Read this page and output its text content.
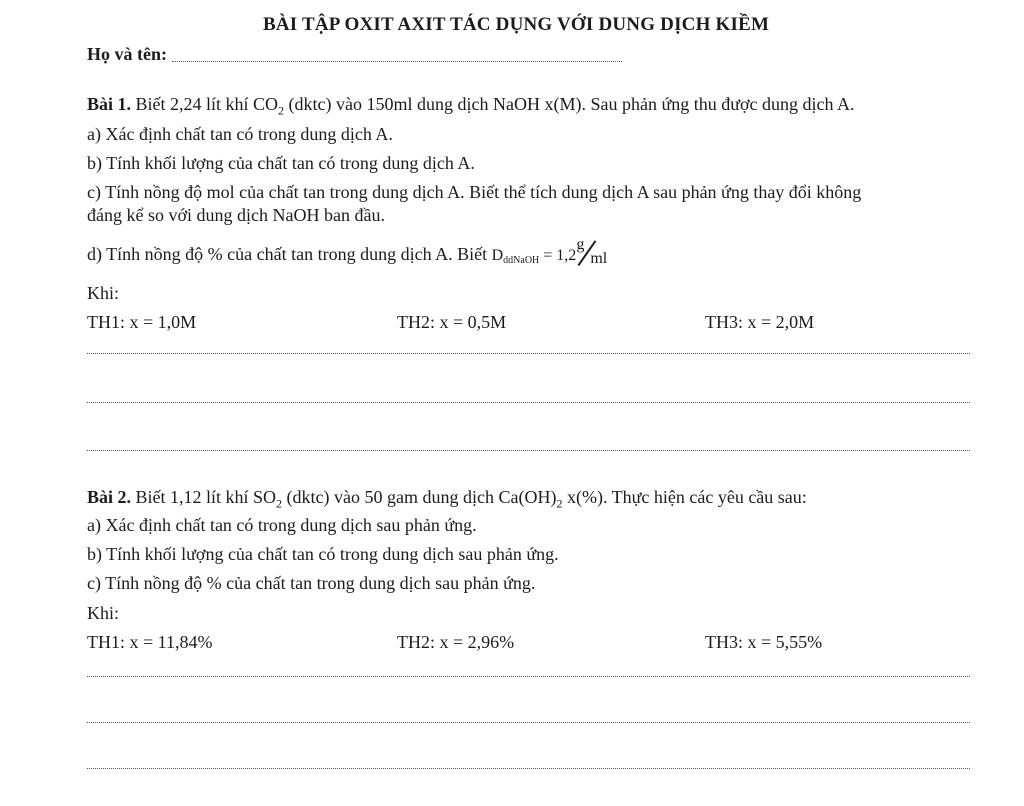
BÀI TẬP OXIT AXIT TÁC DỤNG VỚI DUNG DỊCH KIỀM
Họ và tên:
Bài 1. Biết 2,24 lít khí $CO_2$ (dktc) vào 150ml dung dịch NaOH x(M). Sau phản ứng thu được dung dịch A.
a) Xác định chất tan có trong dung dịch A.
b) Tính khối lượng của chất tan có trong dung dịch A.
c) Tính nồng độ mol của chất tan trong dung dịch A. Biết thể tích dung dịch A sau phản ứng thay đổi không
đáng kể so với dung dịch NaOH ban đầu.
d) Tính nồng độ % của chất tan trong dung dịch A. Biết DddNaOH = 1,2
g
ml
Khi:
TH1: x = 1,0M	TH2: x = 0,5M	TH3: x = 2,0M
Bài 2. Biết 1,12 lít khí $SO_2$ (dktc) vào 50 gam dung dịch $Ca(OH)_2$ x(%). Thực hiện các yêu cầu sau:
a) Xác định chất tan có trong dung dịch sau phản ứng.
b) Tính khối lượng của chất tan có trong dung dịch sau phản ứng.
c) Tính nồng độ % của chất tan trong dung dịch sau phản ứng.
Khi:
TH1: x = 11,84%	TH2: x = 2,96%	TH3: x = 5,55%
